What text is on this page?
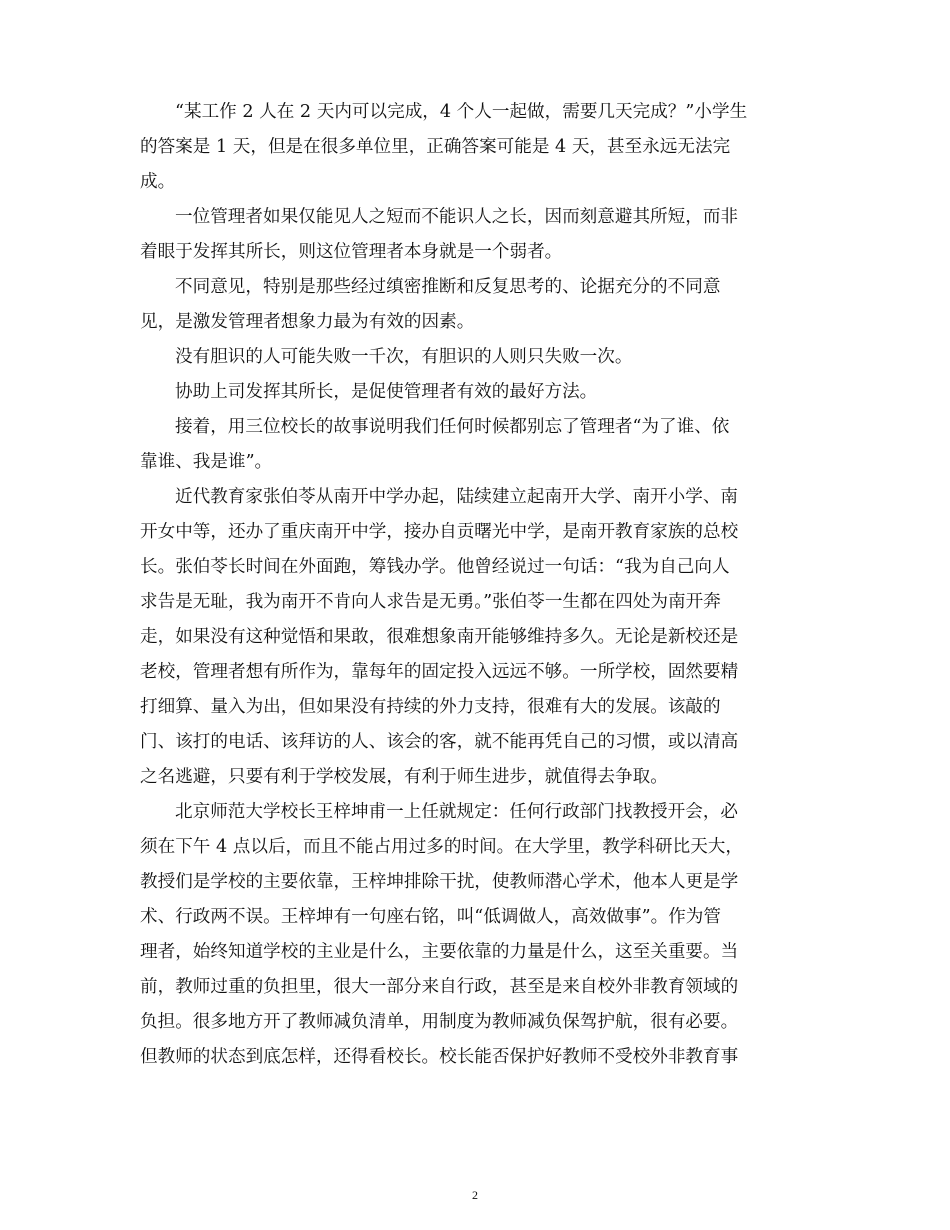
“某工作 2 人在 2 天内可以完成，4 个人一起做，需要几天完成？”小学生
的答案是 1 天，但是在很多单位里，正确答案可能是 4 天，甚至永远无法完
成。

一位管理者如果仅能见人之短而不能识人之长，因而刻意避其所短，而非
着眼于发挥其所长，则这位管理者本身就是一个弱者。

不同意见，特别是那些经过缜密推断和反复思考的、论据充分的不同意
见，是激发管理者想象力最为有效的因素。

没有胆识的人可能失败一千次，有胆识的人则只失败一次。

协助上司发挥其所长，是促使管理者有效的最好方法。

接着，用三位校长的故事说明我们任何时候都别忘了管理者“为了谁、依
靠谁、我是谁”。

近代教育家张伯苓从南开中学办起，陆续建立起南开大学、南开小学、南
开女中等，还办了重庆南开中学，接办自贡曙光中学，是南开教育家族的总校
长。张伯苓长时间在外面跑，筹钱办学。他曾经说过一句话：“我为自己向人
求告是无耻，我为南开不肯向人求告是无勇。”张伯苓一生都在四处为南开奔
走，如果没有这种觉悟和果敢，很难想象南开能够维持多久。无论是新校还是
老校，管理者想有所作为，靠每年的固定投入远远不够。一所学校，固然要精
打细算、量入为出，但如果没有持续的外力支持，很难有大的发展。该敲的
门、该打的电话、该拜访的人、该会的客，就不能再凭自己的习惯，或以清高
之名逃避，只要有利于学校发展，有利于师生进步，就值得去争取。

北京师范大学校长王梓坤甫一上任就规定：任何行政部门找教授开会，必
须在下午 4 点以后，而且不能占用过多的时间。在大学里，教学科研比天大，
教授们是学校的主要依靠，王梓坤排除干扰，使教师潜心学术，他本人更是学
术、行政两不误。王梓坤有一句座右铭，叫“低调做人，高效做事”。作为管
理者，始终知道学校的主业是什么，主要依靠的力量是什么，这至关重要。当
前，教师过重的负担里，很大一部分来自行政，甚至是来自校外非教育领域的
负担。很多地方开了教师减负清单，用制度为教师减负保驾护航，很有必要。
但教师的状态到底怎样，还得看校长。校长能否保护好教师不受校外非教育事

2
